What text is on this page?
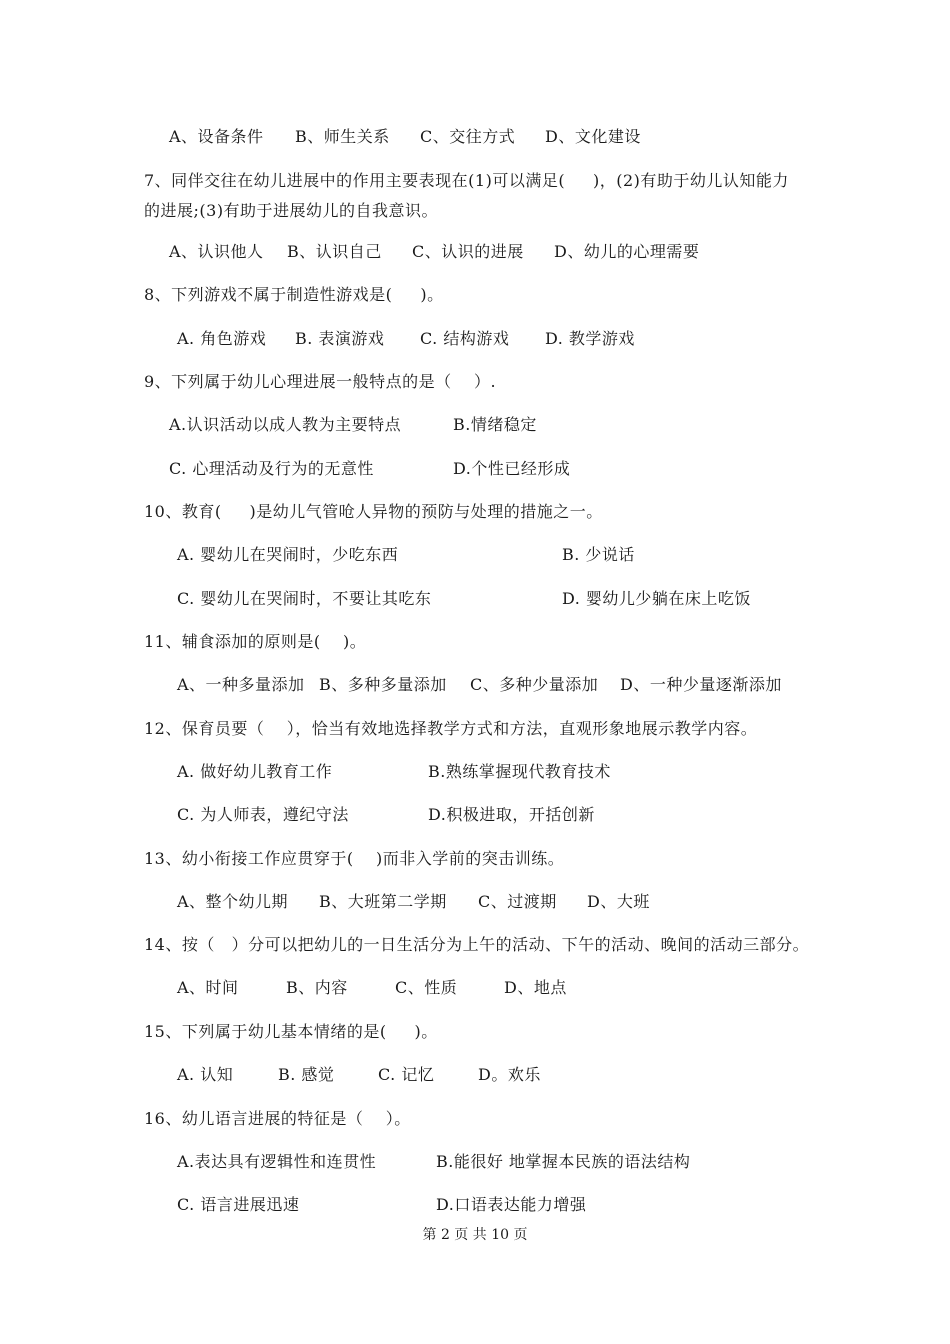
A、设备条件 B、师生关系 C、交往方式 D、文化建设
7、同伴交往在幼儿进展中的作用主要表现在(1)可以满足(     )，(2)有助于幼儿认知能力
的进展;(3)有助于进展幼儿的自我意识。
A、认识他人 B、认识自己 C、认识的进展 D、幼儿的心理需要
8、下列游戏不属于制造性游戏是(     )。
A. 角色游戏 B. 表演游戏 C. 结构游戏 D. 教学游戏
9、下列属于幼儿心理进展一般特点的是（    ）.
A.认识活动以成人教为主要特点	B.情绪稳定
C. 心理活动及行为的无意性	D.个性已经形成
10、教育(     )是幼儿气管呛人异物的预防与处理的措施之一。
A. 婴幼儿在哭闹时，少吃东西	B. 少说话
C. 婴幼儿在哭闹时，不要让其吃东	D. 婴幼儿少躺在床上吃饭
11、辅食添加的原则是(    )。
A、一种多量添加 B、多种多量添加 C、多种少量添加 D、一种少量逐渐添加
12、保育员要（    ），恰当有效地选择教学方式和方法，直观形象地展示教学内容。
A. 做好幼儿教育工作	B.熟练掌握现代教育技术
C. 为人师表，遵纪守法	D.积极进取，开括创新
13、幼小衔接工作应贯穿于(    )而非入学前的突击训练。
A、整个幼儿期 B、大班第二学期 C、过渡期 D、大班
14、按（   ）分可以把幼儿的一日生活分为上午的活动、下午的活动、晚间的活动三部分。
A、时间	B、内容	C、性质	D、地点
15、下列属于幼儿基本情绪的是(     )。
A. 认知	B. 感觉	C. 记忆	D。欢乐
16、幼儿语言进展的特征是（    ）。
A.表达具有逻辑性和连贯性	B.能很好 地掌握本民族的语法结构
C. 语言进展迅速	D.口语表达能力增强
第 2 页 共 10 页
